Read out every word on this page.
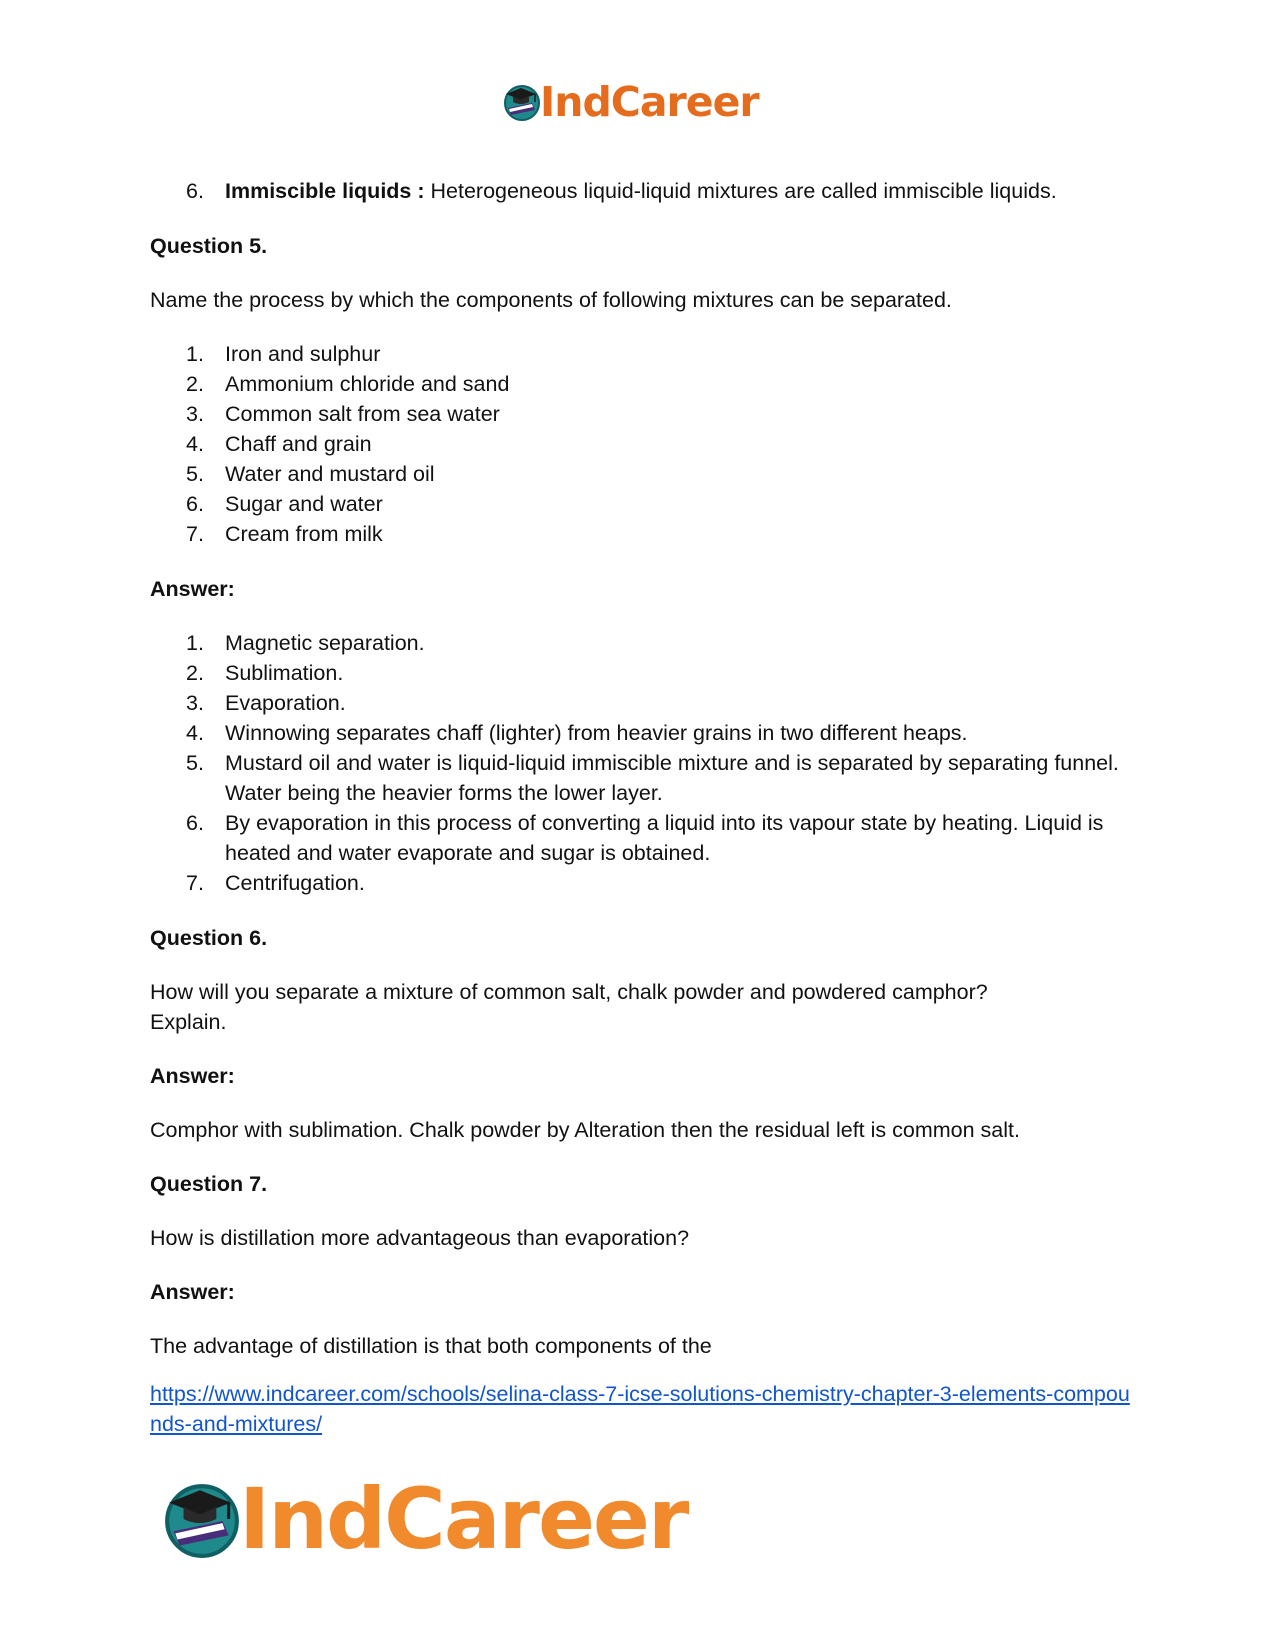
IndCareer
6. Immiscible liquids : Heterogeneous liquid-liquid mixtures are called immiscible liquids.

Question 5.

Name the process by which the components of following mixtures can be separated.

1. Iron and sulphur
2. Ammonium chloride and sand
3. Common salt from sea water
4. Chaff and grain
5. Water and mustard oil
6. Sugar and water
7. Cream from milk

Answer:

1. Magnetic separation.
2. Sublimation.
3. Evaporation.
4. Winnowing separates chaff (lighter) from heavier grains in two different heaps.
5. Mustard oil and water is liquid-liquid immiscible mixture and is separated by separating funnel. Water being the heavier forms the lower layer.
6. By evaporation in this process of converting a liquid into its vapour state by heating. Liquid is heated and water evaporate and sugar is obtained.
7. Centrifugation.

Question 6.

How will you separate a mixture of common salt, chalk powder and powdered camphor? Explain.

Answer:

Comphor with sublimation. Chalk powder by Alteration then the residual left is common salt.

Question 7.

How is distillation more advantageous than evaporation?

Answer:

The advantage of distillation is that both components of the

https://www.indcareer.com/schools/selina-class-7-icse-solutions-chemistry-chapter-3-elements-compounds-and-mixtures/
IndCareer
